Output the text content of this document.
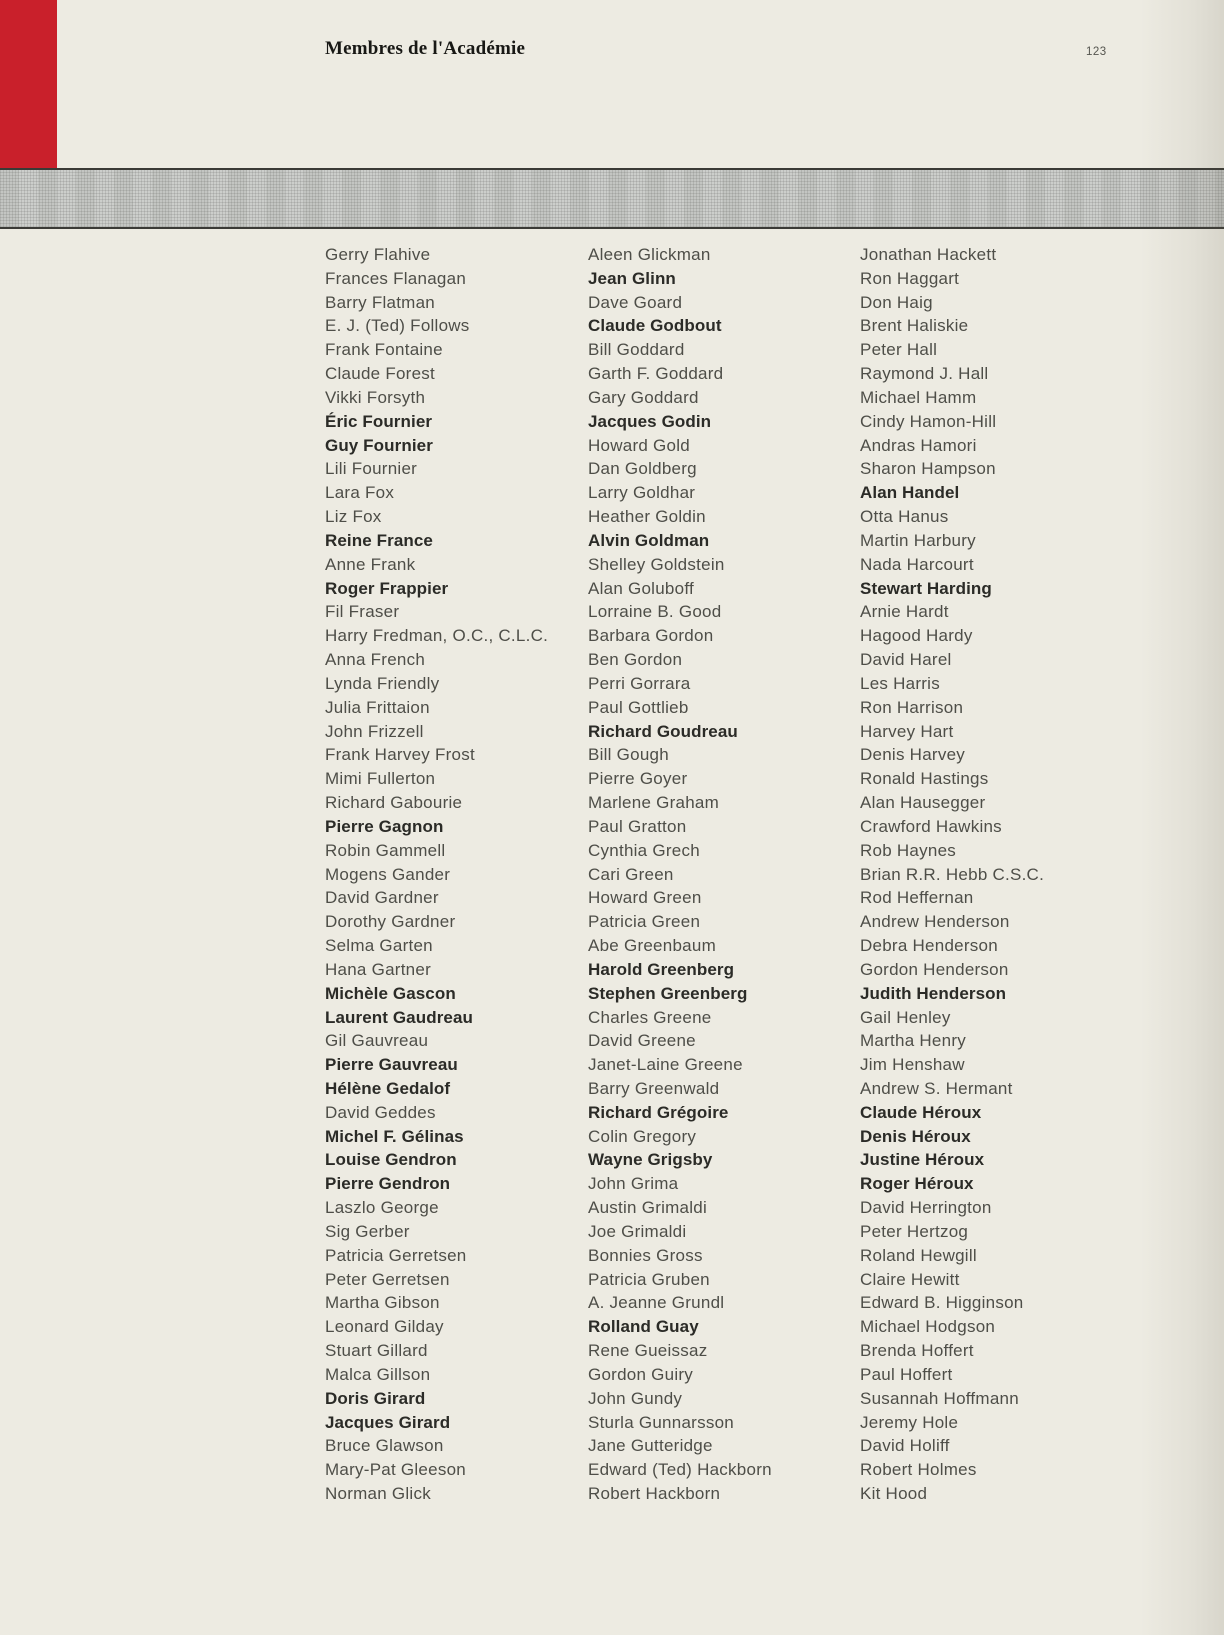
Membres de l'Académie	123
Gerry Flahive
Frances Flanagan
Barry Flatman
E. J. (Ted) Follows
Frank Fontaine
Claude Forest
Vikki Forsyth
Éric Fournier
Guy Fournier
Lili Fournier
Lara Fox
Liz Fox
Reine France
Anne Frank
Roger Frappier
Fil Fraser
Harry Fredman, O.C., C.L.C.
Anna French
Lynda Friendly
Julia Frittaion
John Frizzell
Frank Harvey Frost
Mimi Fullerton
Richard Gabourie
Pierre Gagnon
Robin Gammell
Mogens Gander
David Gardner
Dorothy Gardner
Selma Garten
Hana Gartner
Michèle Gascon
Laurent Gaudreau
Gil Gauvreau
Pierre Gauvreau
Hélène Gedalof
David Geddes
Michel F. Gélinas
Louise Gendron
Pierre Gendron
Laszlo George
Sig Gerber
Patricia Gerretsen
Peter Gerretsen
Martha Gibson
Leonard Gilday
Stuart Gillard
Malca Gillson
Doris Girard
Jacques Girard
Bruce Glawson
Mary-Pat Gleeson
Norman Glick
Aleen Glickman
Jean Glinn
Dave Goard
Claude Godbout
Bill Goddard
Garth F. Goddard
Gary Goddard
Jacques Godin
Howard Gold
Dan Goldberg
Larry Goldhar
Heather Goldin
Alvin Goldman
Shelley Goldstein
Alan Goluboff
Lorraine B. Good
Barbara Gordon
Ben Gordon
Perri Gorrara
Paul Gottlieb
Richard Goudreau
Bill Gough
Pierre Goyer
Marlene Graham
Paul Gratton
Cynthia Grech
Cari Green
Howard Green
Patricia Green
Abe Greenbaum
Harold Greenberg
Stephen Greenberg
Charles Greene
David Greene
Janet-Laine Greene
Barry Greenwald
Richard Grégoire
Colin Gregory
Wayne Grigsby
John Grima
Austin Grimaldi
Joe Grimaldi
Bonnies Gross
Patricia Gruben
A. Jeanne Grundl
Rolland Guay
Rene Gueissaz
Gordon Guiry
John Gundy
Sturla Gunnarsson
Jane Gutteridge
Edward (Ted) Hackborn
Robert Hackborn
Jonathan Hackett
Ron Haggart
Don Haig
Brent Haliskie
Peter Hall
Raymond J. Hall
Michael Hamm
Cindy Hamon-Hill
Andras Hamori
Sharon Hampson
Alan Handel
Otta Hanus
Martin Harbury
Nada Harcourt
Stewart Harding
Arnie Hardt
Hagood Hardy
David Harel
Les Harris
Ron Harrison
Harvey Hart
Denis Harvey
Ronald Hastings
Alan Hausegger
Crawford Hawkins
Rob Haynes
Brian R.R. Hebb C.S.C.
Rod Heffernan
Andrew Henderson
Debra Henderson
Gordon Henderson
Judith Henderson
Gail Henley
Martha Henry
Jim Henshaw
Andrew S. Hermant
Claude Héroux
Denis Héroux
Justine Héroux
Roger Héroux
David Herrington
Peter Hertzog
Roland Hewgill
Claire Hewitt
Edward B. Higginson
Michael Hodgson
Brenda Hoffert
Paul Hoffert
Susannah Hoffmann
Jeremy Hole
David Holiff
Robert Holmes
Kit Hood
